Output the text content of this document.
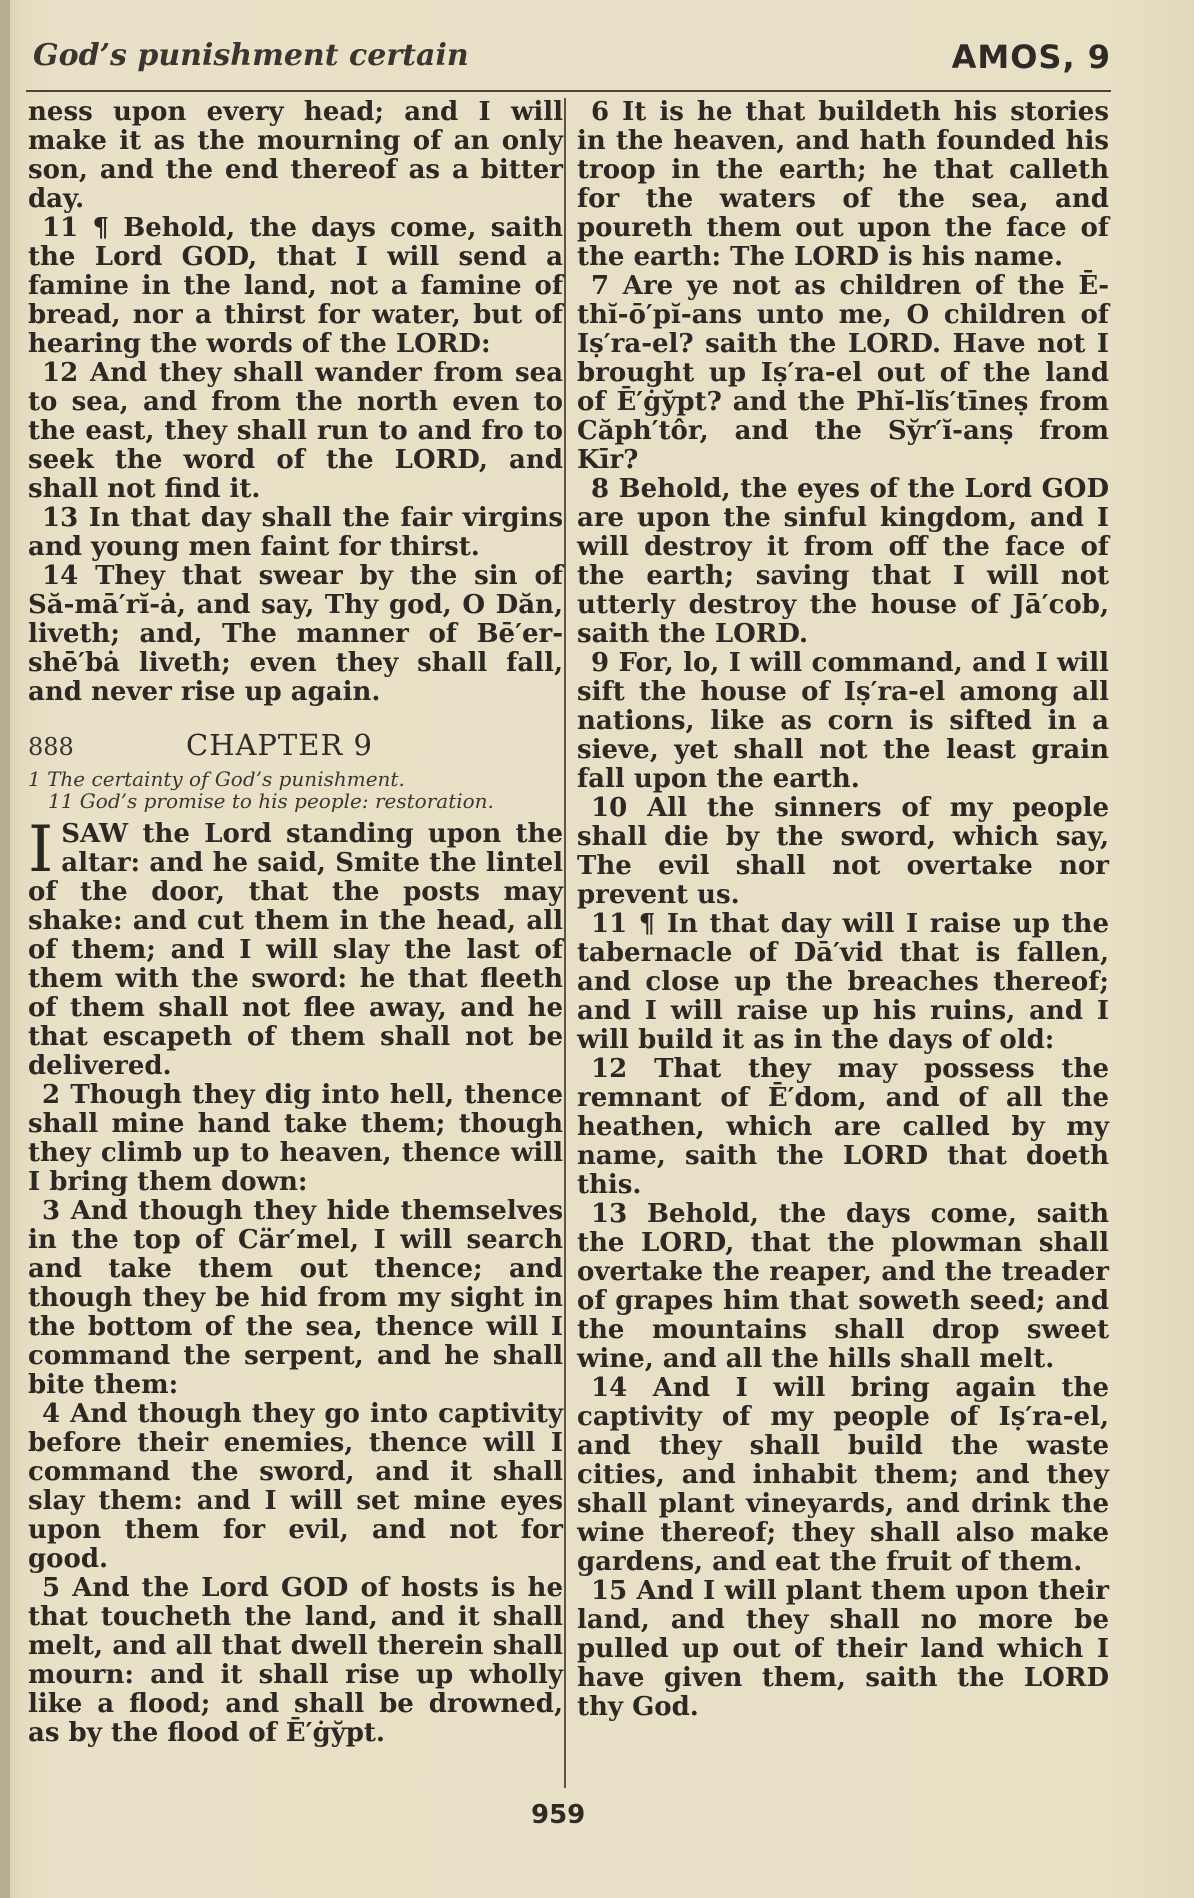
God’s punishment certain	AMOS, 9

ness upon every head; and I will make it as the mourning of an only son, and the end thereof as a bitter day.

11 ¶ Behold, the days come, saith the Lord GOD, that I will send a famine in the land, not a famine of bread, nor a thirst for water, but of hearing the words of the LORD:

12 And they shall wander from sea to sea, and from the north even to the east, they shall run to and fro to seek the word of the LORD, and shall not find it.

13 In that day shall the fair virgins and young men faint for thirst.

14 They that swear by the sin of Să-mā′rĭ-ȧ, and say, Thy god, O Dăn, liveth; and, The manner of Bē′er-shē′bȧ liveth; even they shall fall, and never rise up again.

888	CHAPTER 9
1 The certainty of God’s punishment.
11 God’s promise to his people: restoration.

ISAW the Lord standing upon the altar: and he said, Smite the lintel of the door, that the posts may shake: and cut them in the head, all of them; and I will slay the last of them with the sword: he that fleeth of them shall not flee away, and he that escapeth of them shall not be delivered.

2 Though they dig into hell, thence shall mine hand take them; though they climb up to heaven, thence will I bring them down:

3 And though they hide themselves in the top of Cär′mel, I will search and take them out thence; and though they be hid from my sight in the bottom of the sea, thence will I command the serpent, and he shall bite them:

4 And though they go into captivity before their enemies, thence will I command the sword, and it shall slay them: and I will set mine eyes upon them for evil, and not for good.

5 And the Lord GOD of hosts is he that toucheth the land, and it shall melt, and all that dwell therein shall mourn: and it shall rise up wholly like a flood; and shall be drowned, as by the flood of Ē′ġy̆pt.

6 It is he that buildeth his stories in the heaven, and hath founded his troop in the earth; he that calleth for the waters of the sea, and poureth them out upon the face of the earth: The LORD is his name.

7 Are ye not as children of the Ē-thĭ-ō′pĭ-ans unto me, O children of Iṣ′ra-el? saith the LORD. Have not I brought up Iṣ′ra-el out of the land of Ē′ġy̆pt? and the Phĭ-lĭs′tīneṣ from Căph′tôr, and the Sy̆r′ĭ-anṣ from Kīr?

8 Behold, the eyes of the Lord GOD are upon the sinful kingdom, and I will destroy it from off the face of the earth; saving that I will not utterly destroy the house of Jā′cob, saith the LORD.

9 For, lo, I will command, and I will sift the house of Iṣ′ra-el among all nations, like as corn is sifted in a sieve, yet shall not the least grain fall upon the earth.

10 All the sinners of my people shall die by the sword, which say, The evil shall not overtake nor prevent us.

11 ¶ In that day will I raise up the tabernacle of Dā′vid that is fallen, and close up the breaches thereof; and I will raise up his ruins, and I will build it as in the days of old:

12 That they may possess the remnant of Ē′dom, and of all the heathen, which are called by my name, saith the LORD that doeth this.

13 Behold, the days come, saith the LORD, that the plowman shall overtake the reaper, and the treader of grapes him that soweth seed; and the mountains shall drop sweet wine, and all the hills shall melt.

14 And I will bring again the captivity of my people of Iṣ′ra-el, and they shall build the waste cities, and inhabit them; and they shall plant vineyards, and drink the wine thereof; they shall also make gardens, and eat the fruit of them.

15 And I will plant them upon their land, and they shall no more be pulled up out of their land which I have given them, saith the LORD thy God.

959
